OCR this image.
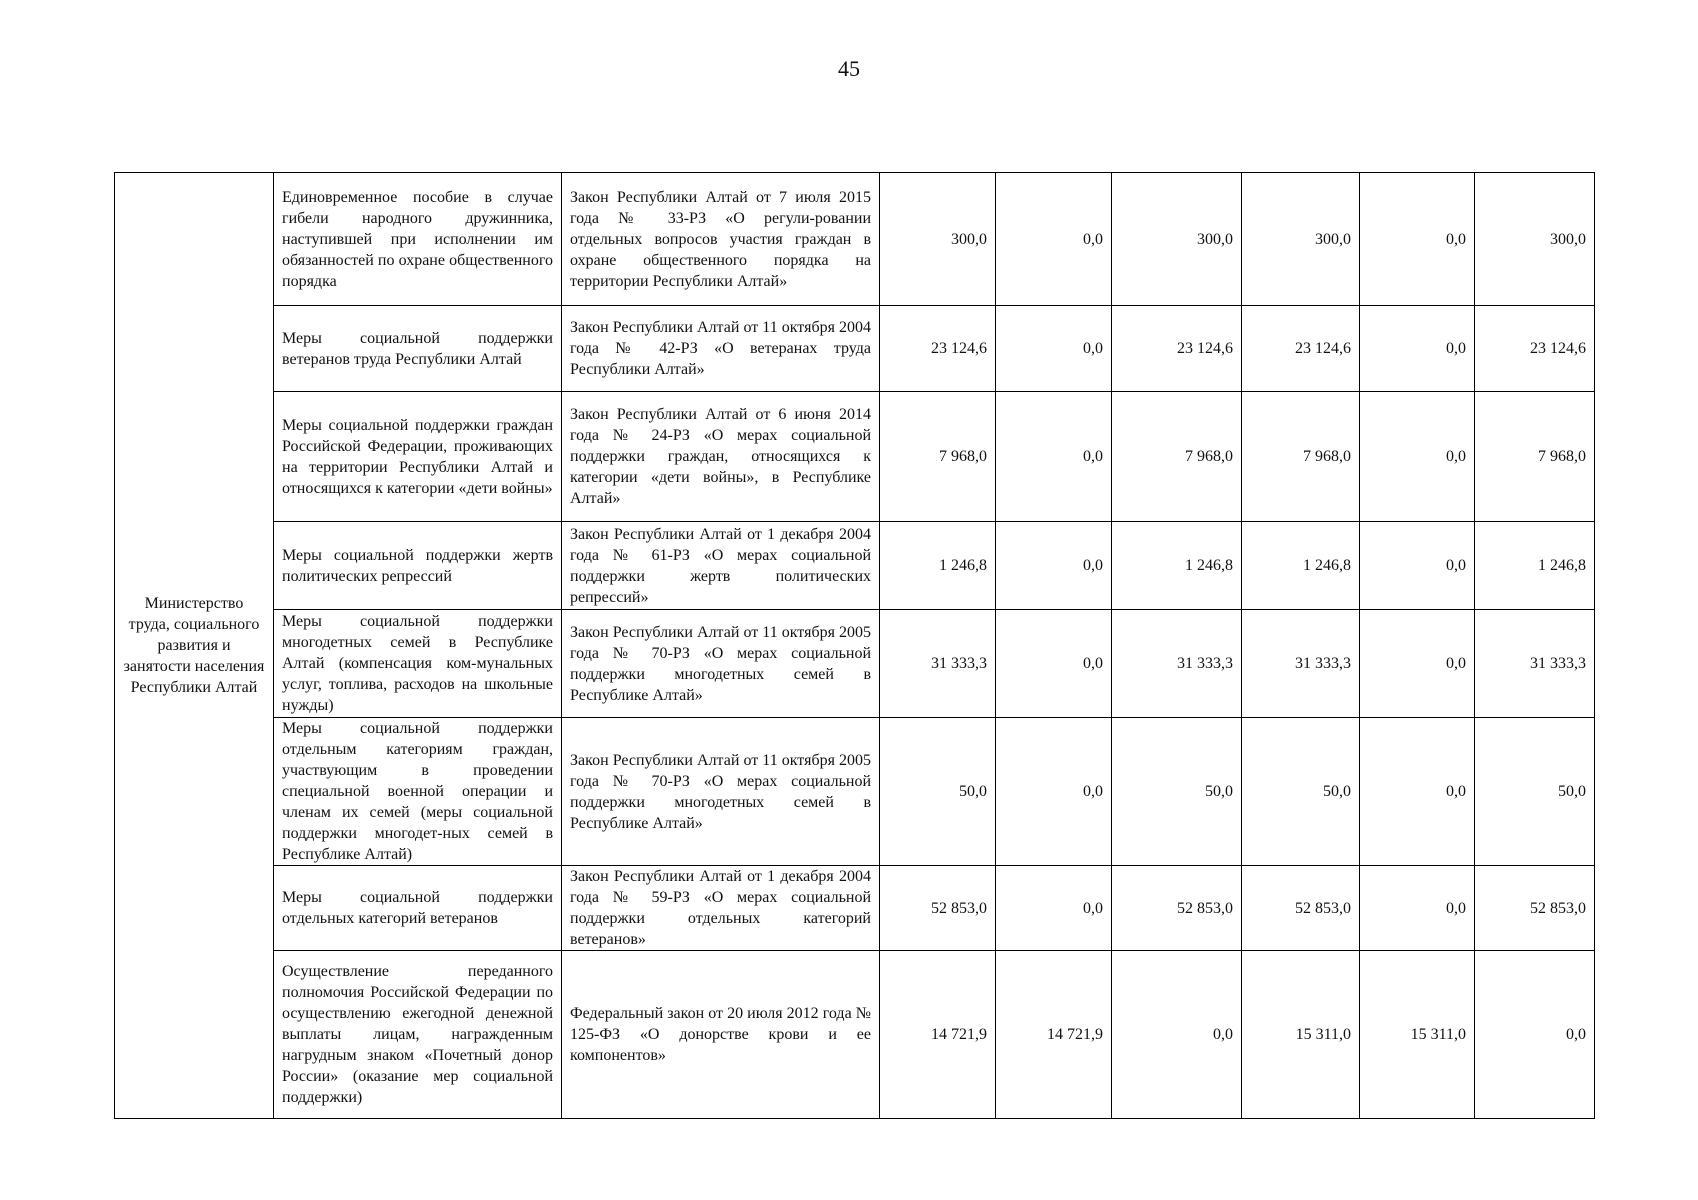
45
Министерство труда, социального развития и занятости населения Республики Алтай	Единовременное пособие в случае гибели народного дружинника, наступившей при исполнении им обязанностей по охране общественного порядка	Закон Республики Алтай от 7 июля 2015 года № 33-РЗ «О регули-ровании отдельных вопросов участия граждан в охране общественного порядка на территории Республики Алтай»	300,0	0,0	300,0	300,0	0,0	300,0
	Меры социальной поддержки ветеранов труда Республики Алтай	Закон Республики Алтай от 11 октября 2004 года № 42-РЗ «О ветеранах труда Республики Алтай»	23 124,6	0,0	23 124,6	23 124,6	0,0	23 124,6
	Меры социальной поддержки граждан Российской Федерации, проживающих на территории Республики Алтай и относящихся к категории «дети войны»	Закон Республики Алтай от 6 июня 2014 года № 24-РЗ «О мерах социальной поддержки граждан, относящихся к категории «дети войны», в Республике Алтай»	7 968,0	0,0	7 968,0	7 968,0	0,0	7 968,0
	Меры социальной поддержки жертв политических репрессий	Закон Республики Алтай от 1 декабря 2004 года № 61-РЗ «О мерах социальной поддержки жертв политических репрессий»	1 246,8	0,0	1 246,8	1 246,8	0,0	1 246,8
	Меры социальной поддержки многодетных семей в Республике Алтай (компенсация ком-мунальных услуг, топлива, расходов на школьные нужды)	Закон Республики Алтай от 11 октября 2005 года № 70-РЗ «О мерах социальной поддержки многодетных семей в Республике Алтай»	31 333,3	0,0	31 333,3	31 333,3	0,0	31 333,3
	Меры социальной поддержки отдельным категориям граждан, участвующим в проведении специальной военной операции и членам их семей (меры социальной поддержки многодет-ных семей в Республике Алтай)	Закон Республики Алтай от 11 октября 2005 года № 70-РЗ «О мерах социальной поддержки многодетных семей в Республике Алтай»	50,0	0,0	50,0	50,0	0,0	50,0
	Меры социальной поддержки отдельных категорий ветеранов	Закон Республики Алтай от 1 декабря 2004 года № 59-РЗ «О мерах социальной поддержки отдельных категорий ветеранов»	52 853,0	0,0	52 853,0	52 853,0	0,0	52 853,0
	Осуществление переданного полномочия Российской Федерации по осуществлению ежегодной денежной выплаты лицам, награжденным нагрудным знаком «Почетный донор России» (оказание мер социальной поддержки)	Федеральный закон от 20 июля 2012 года № 125-ФЗ «О донорстве крови и ее компонентов»	14 721,9	14 721,9	0,0	15 311,0	15 311,0	0,0
